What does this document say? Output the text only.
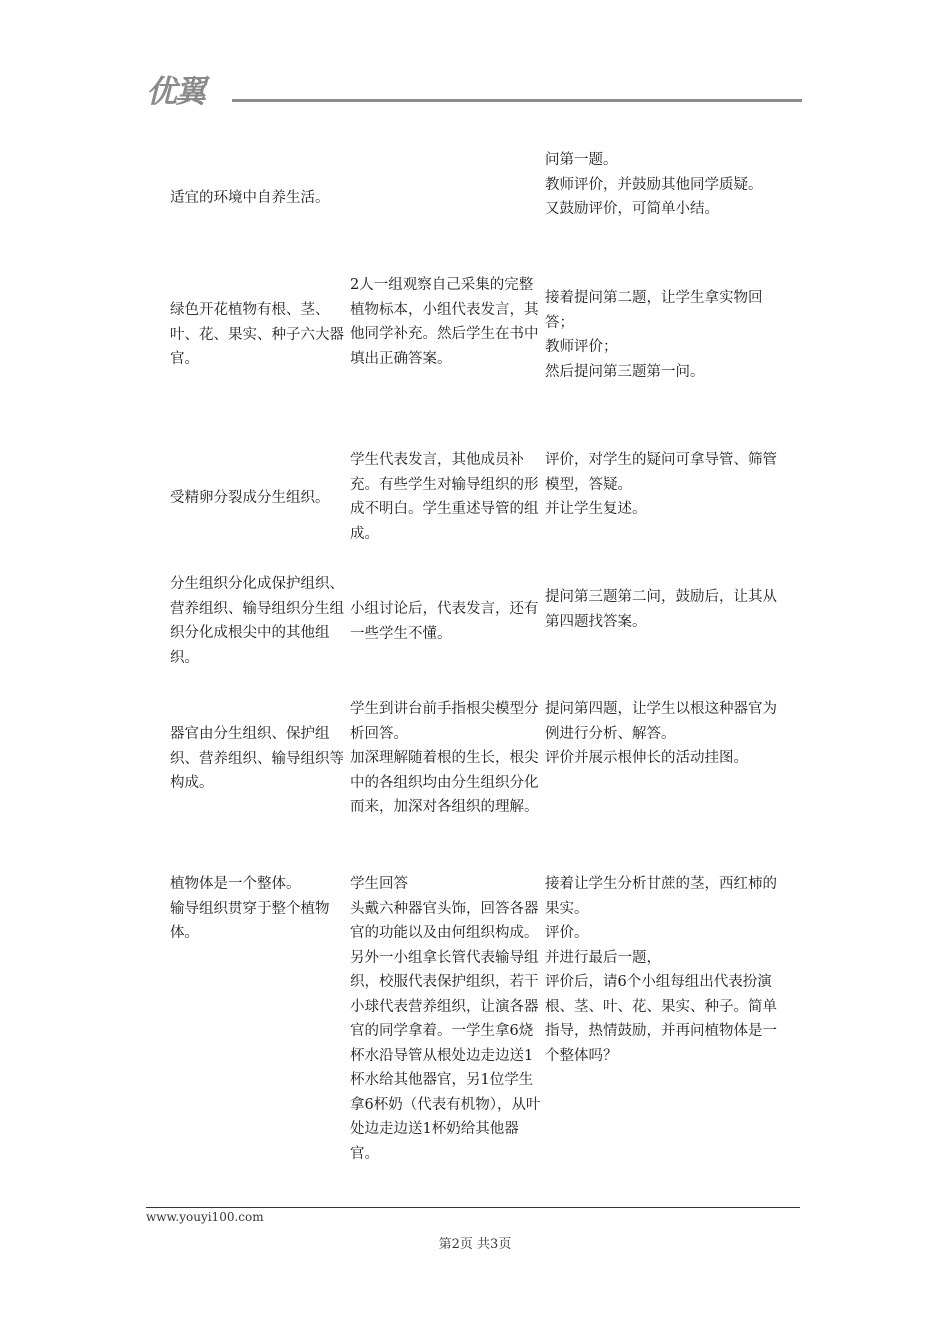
优翼
适宜的环境中自养生活。
问第一题。
教师评价，并鼓励其他同学质疑。
又鼓励评价，可简单小结。
绿色开花植物有根、茎、叶、花、果实、种子六大器官。
2人一组观察自己采集的完整植物标本，小组代表发言，其他同学补充。然后学生在书中填出正确答案。
接着提问第二题，让学生拿实物回答；
教师评价；
然后提问第三题第一问。
受精卵分裂成分生组织。
学生代表发言，其他成员补充。有些学生对输导组织的形成不明白。学生重述导管的组成。
评价，对学生的疑问可拿导管、筛管模型，答疑。
并让学生复述。
分生组织分化成保护组织、营养组织、输导组织分生组织分化成根尖中的其他组织。
小组讨论后，代表发言，还有一些学生不懂。
提问第三题第二问，鼓励后，让其从第四题找答案。
器官由分生组织、保护组织、营养组织、输导组织等构成。
学生到讲台前手指根尖模型分析回答。
加深理解随着根的生长，根尖中的各组织均由分生组织分化而来，加深对各组织的理解。
提问第四题，让学生以根这种器官为例进行分析、解答。
评价并展示根伸长的活动挂图。
植物体是一个整体。
输导组织贯穿于整个植物体。
学生回答
头戴六种器官头饰，回答各器官的功能以及由何组织构成。另外一小组拿长管代表输导组织，校服代表保护组织，若干小球代表营养组织，让演各器官的同学拿着。一学生拿6烧杯水沿导管从根处边走边送1杯水给其他器官，另1位学生拿6杯奶（代表有机物），从叶处边走边送1杯奶给其他器官。
接着让学生分析甘蔗的茎，西红柿的果实。
评价。
并进行最后一题，
评价后，请6个小组每组出代表扮演根、茎、叶、花、果实、种子。简单指导，热情鼓励，并再问植物体是一个整体吗？
www.youyi100.com
第2页 共3页
